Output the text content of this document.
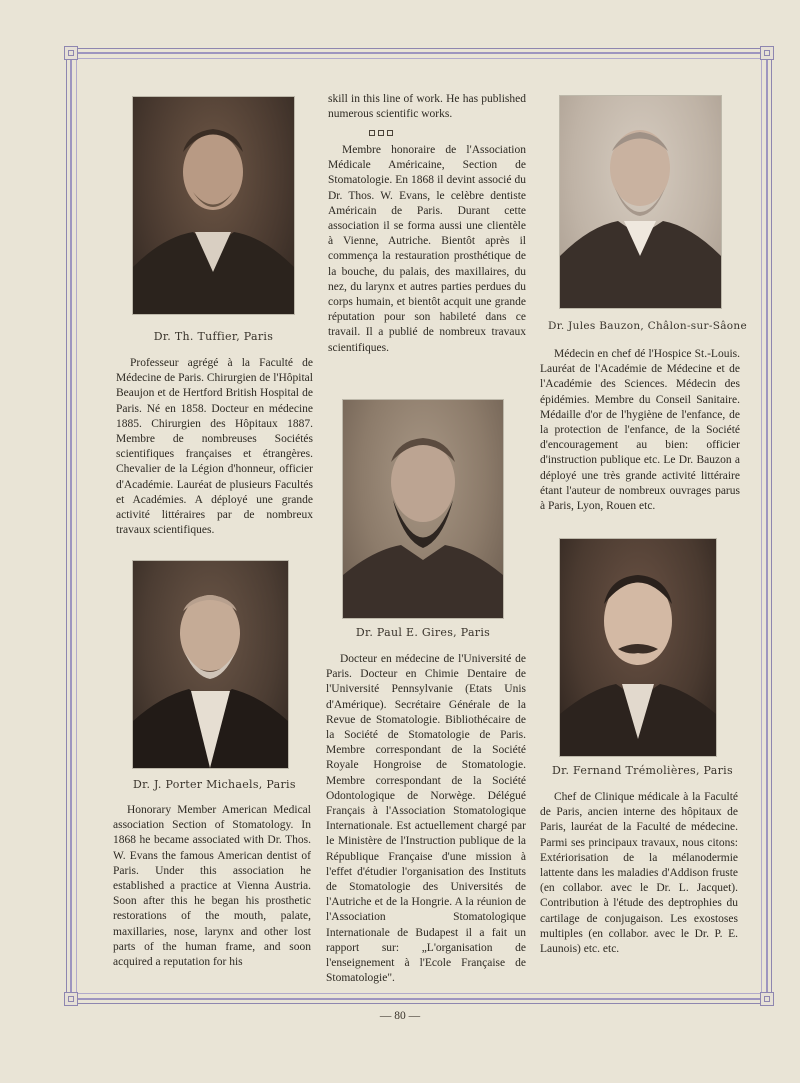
Dr. Th. Tuffier, Paris
Dr. Jules Bauzon, Châlon-sur-Sâone
Dr. Paul E. Gires, Paris
Dr. J. Porter Michaels, Paris
Dr. Fernand Trémolières, Paris

Professeur agrégé à la Faculté de Médecine de Paris. Chirurgien de l'Hôpital Beaujon et de Hertford British Hospital de Paris. Né en 1858. Docteur en médecine 1885. Chirurgien des Hôpitaux 1887. Membre de nombreuses Sociétés scientifiques françaises et étrangères. Chevalier de la Légion d'honneur, officier d'Académie. Lauréat de plusieurs Facultés et Académies. A déployé une grande activité littéraires par de nombreux travaux scientifiques.

skill in this line of work. He has published numerous scientific works.

Membre honoraire de l'Association Médicale Américaine, Section de Stomatologie. En 1868 il devint associé du Dr. Thos. W. Evans, le celèbre dentiste Américain de Paris. Durant cette association il se forma aussi une clientèle à Vienne, Autriche. Bientôt après il commença la restauration prosthétique de la bouche, du palais, des maxillaires, du nez, du larynx et autres parties perdues du corps humain, et bientôt acquit une grande réputation pour son habileté dans ce travail. Il a publié de nombreux travaux scientifiques.

Médecin en chef dé l'Hospice St.-Louis. Lauréat de l'Académie de Médecine et de l'Académie des Sciences. Médecin des épidémies. Membre du Conseil Sanitaire. Médaille d'or de l'hygiène de l'enfance, de la protection de l'enfance, de la Société d'encouragement au bien: officier d'instruction publique etc. Le Dr. Bauzon a déployé une très grande activité littéraire étant l'auteur de nombreux ouvrages parus à Paris, Lyon, Rouen etc.

Docteur en médecine de l'Université de Paris. Docteur en Chimie Dentaire de l'Université Pennsylvanie (Etats Unis d'Amérique). Secrétaire Générale de la Revue de Stomatologie. Bibliothécaire de la Société de Stomatologie de Paris. Membre correspondant de la Société Royale Hongroise de Stomatologie. Membre correspondant de la Société Odontologique de Norwège. Délégué Français à l'Association Stomatologique Internationale. Est actuellement chargé par le Ministère de l'Instruction publique de la République Française d'une mission à l'effet d'étudier l'organisation des Instituts de Stomatologie des Universités de l'Autriche et de la Hongrie. A la réunion de l'Association Stomatologique Internationale de Budapest il a fait un rapport sur: „L'organisation de l'enseignement à l'Ecole Française de Stomatologie".

Honorary Member American Medical association Section of Stomatology. In 1868 he became associated with Dr. Thos. W. Evans the famous American dentist of Paris. Under this association he established a practice at Vienna Austria. Soon after this he began his prosthetic restorations of the mouth, palate, maxillaries, nose, larynx and other lost parts of the human frame, and soon acquired a reputation for his

Chef de Clinique médicale à la Faculté de Paris, ancien interne des hôpitaux de Paris, lauréat de la Faculté de médecine. Parmi ses principaux travaux, nous citons: Extériorisation de la mélanodermie lattente dans les maladies d'Addison fruste (en collabor. avec le Dr. L. Jacquet). Contribution à l'étude des deptrophies du cartilage de conjugaison. Les exostoses multiples (en collabor. avec le Dr. P. E. Launois) etc. etc.

— 80 —
